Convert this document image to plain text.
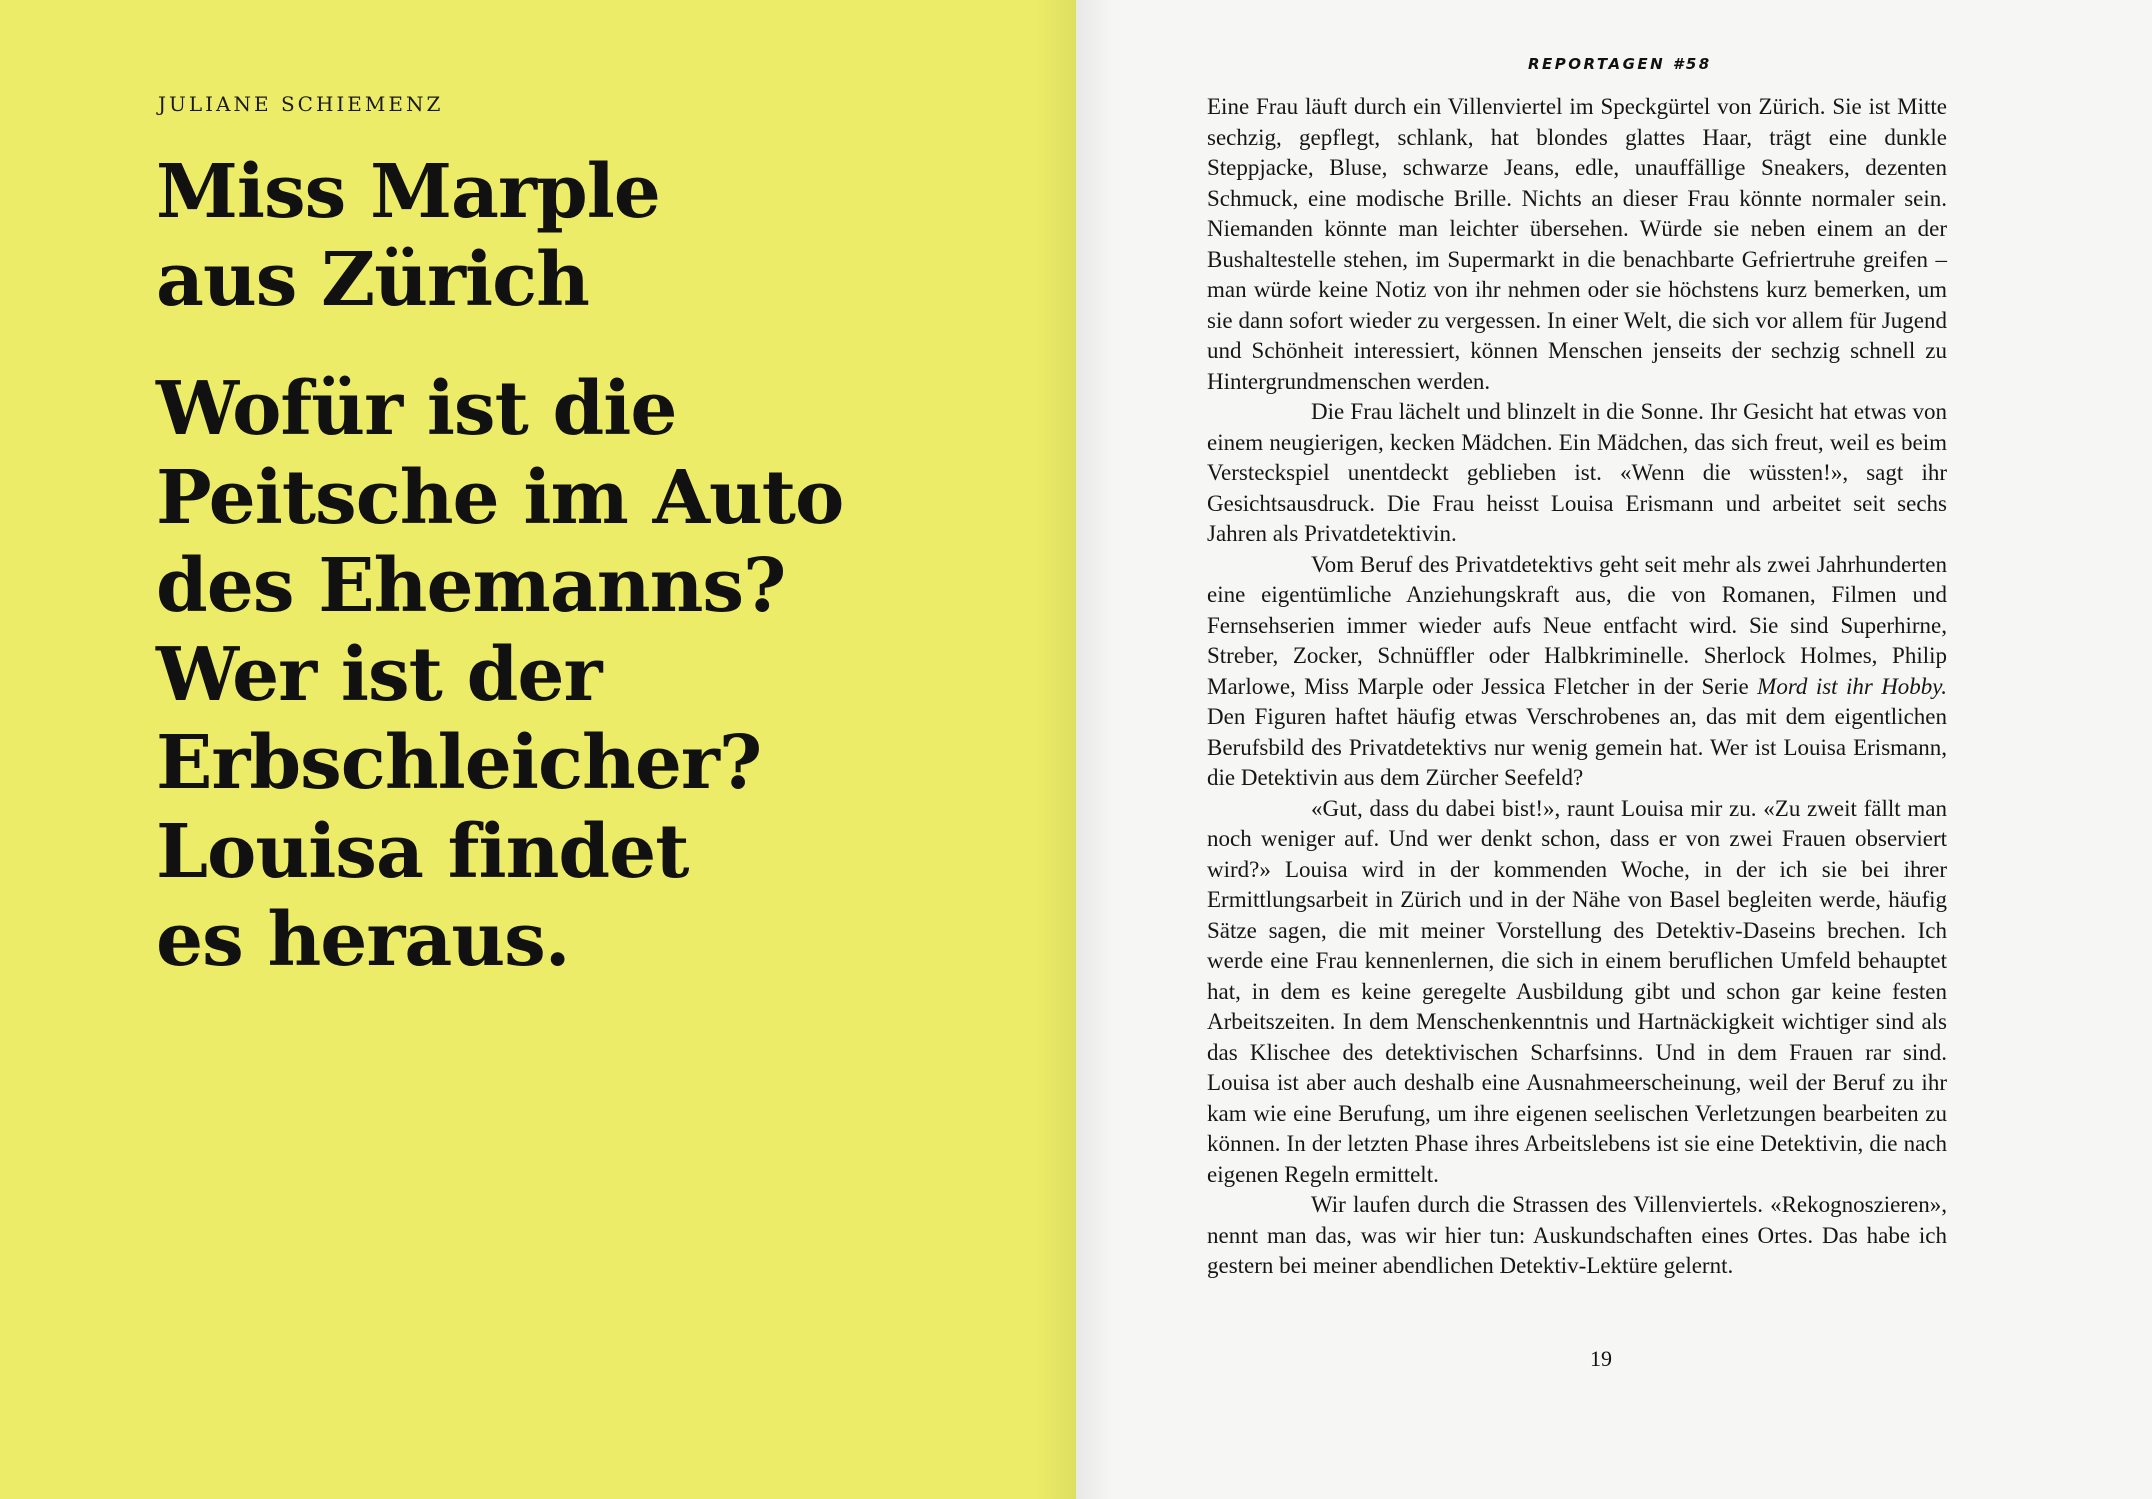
JULIANE SCHIEMENZ
Miss Marple
aus Zürich
Wofür ist die
Peitsche im Auto
des Ehemanns?
Wer ist der
Erbschleicher?
Louisa findet
es heraus.
REPORTAGEN #58

Eine Frau läuft durch ein Villenviertel im Speckgürtel von Zürich. Sie ist Mitte sechzig, gepflegt, schlank, hat blondes glattes Haar, trägt eine dunkle Steppjacke, Bluse, schwarze Jeans, edle, unauffällige Sneakers, dezenten Schmuck, eine modische Brille. Nichts an dieser Frau könnte normaler sein. Niemanden könnte man leichter übersehen. Würde sie neben einem an der Bushaltestelle stehen, im Supermarkt in die benachbarte Gefriertruhe greifen – man würde keine Notiz von ihr nehmen oder sie höchstens kurz bemerken, um sie dann sofort wieder zu vergessen. In einer Welt, die sich vor allem für Jugend und Schönheit interessiert, können Menschen jenseits der sechzig schnell zu Hintergrundmenschen werden.

Die Frau lächelt und blinzelt in die Sonne. Ihr Gesicht hat etwas von einem neugierigen, kecken Mädchen. Ein Mädchen, das sich freut, weil es beim Versteckspiel unentdeckt geblieben ist. «Wenn die wüssten!», sagt ihr Gesichtsausdruck. Die Frau heisst Louisa Erismann und arbeitet seit sechs Jahren als Privatdetektivin.

Vom Beruf des Privatdetektivs geht seit mehr als zwei Jahrhunderten eine eigentümliche Anziehungskraft aus, die von Romanen, Filmen und Fernsehserien immer wieder aufs Neue entfacht wird. Sie sind Superhirne, Streber, Zocker, Schnüffler oder Halbkriminelle. Sherlock Holmes, Philip Marlowe, Miss Marple oder Jessica Fletcher in der Serie Mord ist ihr Hobby. Den Figuren haftet häufig etwas Verschrobenes an, das mit dem eigentlichen Berufsbild des Privatdetektivs nur wenig gemein hat. Wer ist Louisa Erismann, die Detektivin aus dem Zürcher Seefeld?

«Gut, dass du dabei bist!», raunt Louisa mir zu. «Zu zweit fällt man noch weniger auf. Und wer denkt schon, dass er von zwei Frauen observiert wird?» Louisa wird in der kommenden Woche, in der ich sie bei ihrer Ermittlungsarbeit in Zürich und in der Nähe von Basel begleiten werde, häufig Sätze sagen, die mit meiner Vorstellung des Detektiv-Daseins brechen. Ich werde eine Frau kennenlernen, die sich in einem beruflichen Umfeld behauptet hat, in dem es keine geregelte Ausbildung gibt und schon gar keine festen Arbeitszeiten. In dem Menschenkenntnis und Hartnäckigkeit wichtiger sind als das Klischee des detektivischen Scharfsinns. Und in dem Frauen rar sind. Louisa ist aber auch deshalb eine Ausnahmeerscheinung, weil der Beruf zu ihr kam wie eine Berufung, um ihre eigenen seelischen Verletzungen bearbeiten zu können. In der letzten Phase ihres Arbeitslebens ist sie eine Detektivin, die nach eigenen Regeln ermittelt.

Wir laufen durch die Strassen des Villenviertels. «Rekognoszieren», nennt man das, was wir hier tun: Auskundschaften eines Ortes. Das habe ich gestern bei meiner abendlichen Detektiv-Lektüre gelernt.

19
